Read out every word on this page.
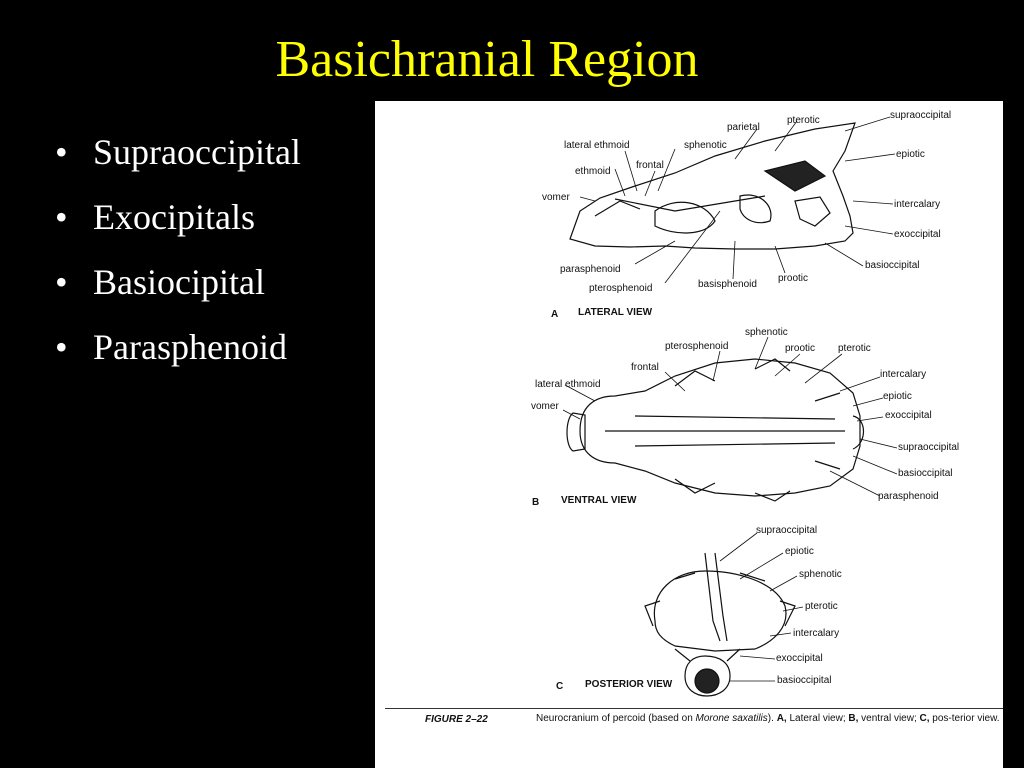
Basichranial Region
• Supraoccipital
• Exocipitals
• Basiocipital
• Parasphenoid
lateral ethmoid
parietal
pterotic	supraoccipital
sphenotic
ethmoid
frontal
epiotic
vomer
intercalary
exoccipital
basioccipital
parasphenoid
prootic
pterosphenoid	basisphenoid
A LATERAL VIEW
sphenotic
pterosphenoid	prootic pterotic
frontal
intercalary
lateral ethmoid
epiotic
vomer
exoccipital
supraoccipital
basioccipital
parasphenoid
B VENTRAL VIEW
supraoccipital
epiotic
sphenotic
pterotic
intercalary
exoccipital
basioccipital
C POSTERIOR VIEW
FIGURE 2–22	Neurocranium of percoid (based on Morone saxatilis). A, Lateral view; B, ventral view; C, pos-terior view.
